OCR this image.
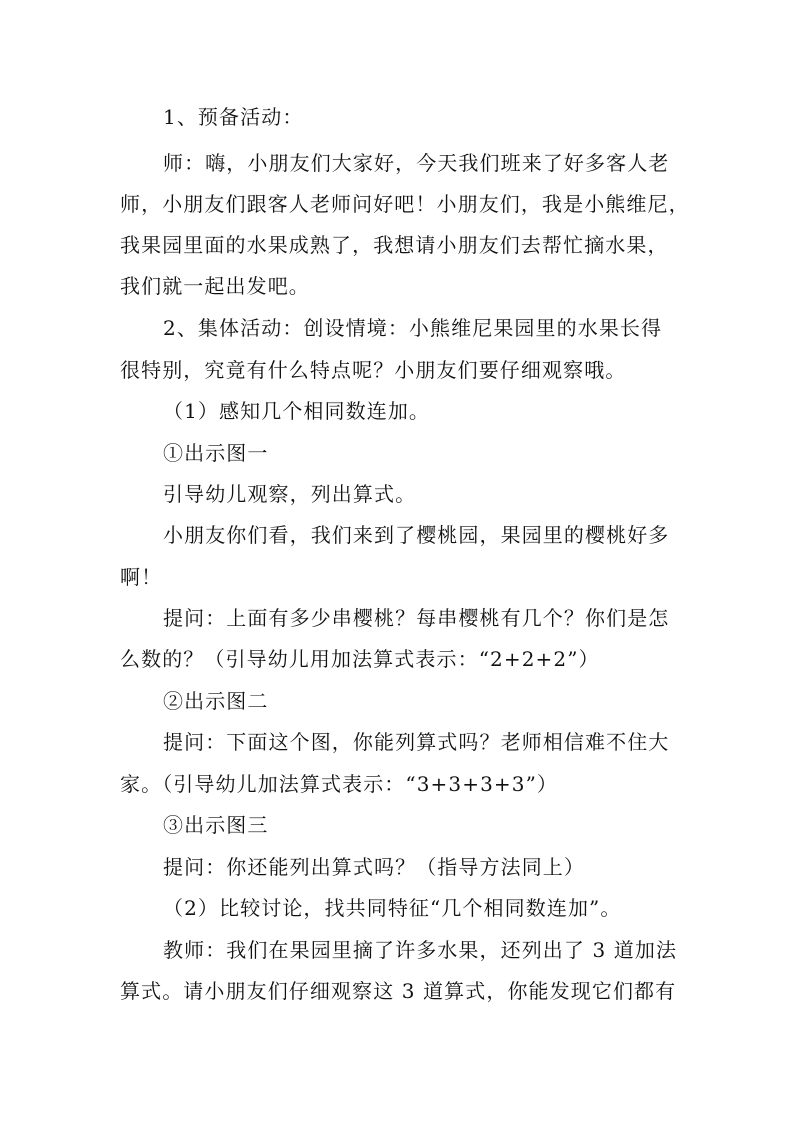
1、预备活动：
师：嗨，小朋友们大家好，今天我们班来了好多客人老
师，小朋友们跟客人老师问好吧！小朋友们，我是小熊维尼，
我果园里面的水果成熟了，我想请小朋友们去帮忙摘水果，
我们就一起出发吧。
2、集体活动：创设情境：小熊维尼果园里的水果长得
很特别，究竟有什么特点呢？小朋友们要仔细观察哦。
（1）感知几个相同数连加。
①出示图一
引导幼儿观察，列出算式。
小朋友你们看，我们来到了樱桃园，果园里的樱桃好多
啊！
提问：上面有多少串樱桃？每串樱桃有几个？你们是怎
么数的？（引导幼儿用加法算式表示：“2+2+2”）
②出示图二
提问：下面这个图，你能列算式吗？老师相信难不住大
家。（引导幼儿加法算式表示：“3+3+3+3”）
③出示图三
提问：你还能列出算式吗？（指导方法同上）
（2）比较讨论，找共同特征“几个相同数连加”。
教师：我们在果园里摘了许多水果，还列出了 3 道加法
算式。请小朋友们仔细观察这 3 道算式，你能发现它们都有
